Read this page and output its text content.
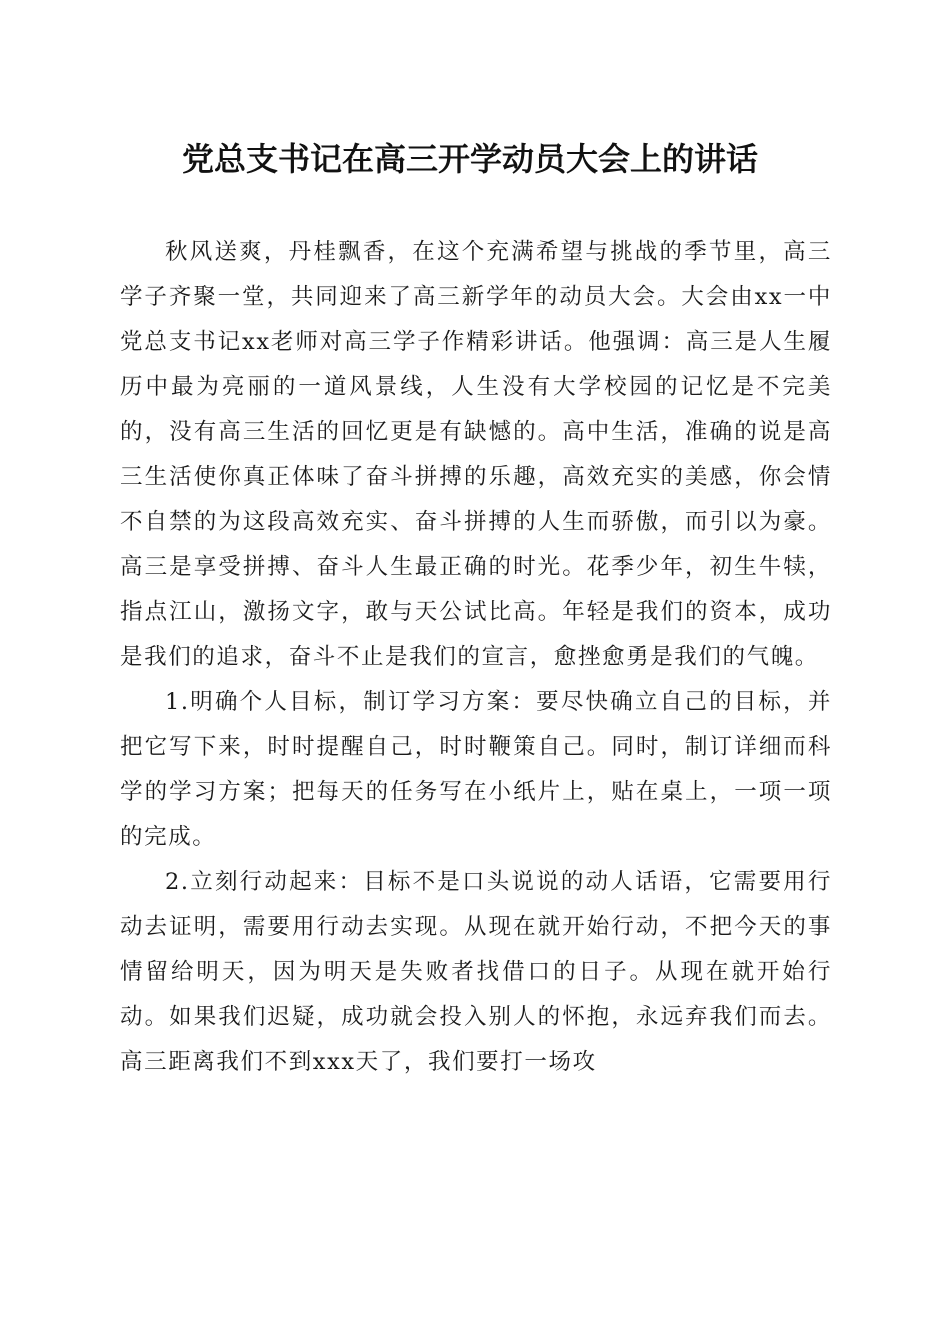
党总支书记在高三开学动员大会上的讲话

秋风送爽，丹桂飘香，在这个充满希望与挑战的季节里，高三学子齐聚一堂，共同迎来了高三新学年的动员大会。大会由xx一中党总支书记xx老师对高三学子作精彩讲话。他强调：高三是人生履历中最为亮丽的一道风景线，人生没有大学校园的记忆是不完美的，没有高三生活的回忆更是有缺憾的。高中生活，准确的说是高三生活使你真正体味了奋斗拼搏的乐趣，高效充实的美感，你会情不自禁的为这段高效充实、奋斗拼搏的人生而骄傲，而引以为豪。高三是享受拼搏、奋斗人生最正确的时光。花季少年，初生牛犊，指点江山，激扬文字，敢与天公试比高。年轻是我们的资本，成功是我们的追求，奋斗不止是我们的宣言，愈挫愈勇是我们的气魄。

1.明确个人目标，制订学习方案：要尽快确立自己的目标，并把它写下来，时时提醒自己，时时鞭策自己。同时，制订详细而科学的学习方案；把每天的任务写在小纸片上，贴在桌上，一项一项的完成。

2.立刻行动起来：目标不是口头说说的动人话语，它需要用行动去证明，需要用行动去实现。从现在就开始行动，不把今天的事情留给明天，因为明天是失败者找借口的日子。从现在就开始行动。如果我们迟疑，成功就会投入别人的怀抱，永远弃我们而去。高三距离我们不到xxx天了，我们要打一场攻
